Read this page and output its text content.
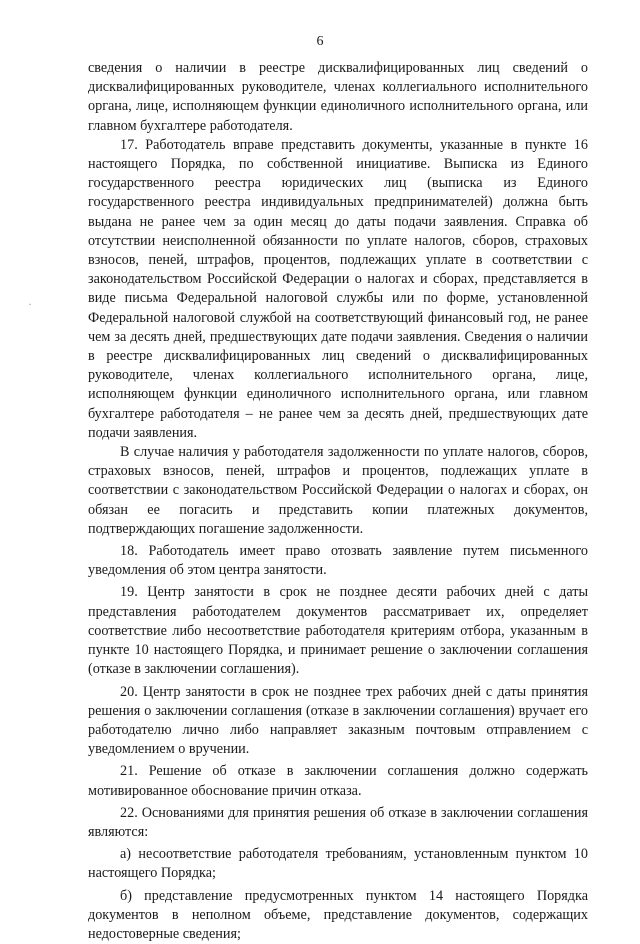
6
·

сведения о наличии в реестре дисквалифицированных лиц сведений о дисквалифицированных руководителе, членах коллегиального исполнительного органа, лице, исполняющем функции единоличного исполнительного органа, или главном бухгалтере работодателя.

17. Работодатель вправе представить документы, указанные в пункте 16 настоящего Порядка, по собственной инициативе. Выписка из Единого государственного реестра юридических лиц (выписка из Единого государственного реестра индивидуальных предпринимателей) должна быть выдана не ранее чем за один месяц до даты подачи заявления. Справка об отсутствии неисполненной обязанности по уплате налогов, сборов, страховых взносов, пеней, штрафов, процентов, подлежащих уплате в соответствии с законодательством Российской Федерации о налогах и сборах, представляется в виде письма Федеральной налоговой службы или по форме, установленной Федеральной налоговой службой на соответствующий финансовый год, не ранее чем за десять дней, предшествующих дате подачи заявления. Сведения о наличии в реестре дисквалифицированных лиц сведений о дисквалифицированных руководителе, членах коллегиального исполнительного органа, лице, исполняющем функции единоличного исполнительного органа, или главном бухгалтере работодателя – не ранее чем за десять дней, предшествующих дате подачи заявления.

В случае наличия у работодателя задолженности по уплате налогов, сборов, страховых взносов, пеней, штрафов и процентов, подлежащих уплате в соответствии с законодательством Российской Федерации о налогах и сборах, он обязан ее погасить и представить копии платежных документов, подтверждающих погашение задолженности.

18. Работодатель имеет право отозвать заявление путем письменного уведомления об этом центра занятости.

19. Центр занятости в срок не позднее десяти рабочих дней с даты представления работодателем документов рассматривает их, определяет соответствие либо несоответствие работодателя критериям отбора, указанным в пункте 10 настоящего Порядка, и принимает решение о заключении соглашения (отказе в заключении соглашения).

20. Центр занятости в срок не позднее трех рабочих дней с даты принятия решения о заключении соглашения (отказе в заключении соглашения) вручает его работодателю лично либо направляет заказным почтовым отправлением с уведомлением о вручении.

21. Решение об отказе в заключении соглашения должно содержать мотивированное обоснование причин отказа.

22. Основаниями для принятия решения об отказе в заключении соглашения являются:

а) несоответствие работодателя требованиям, установленным пунктом 10 настоящего Порядка;

б) представление предусмотренных пунктом 14 настоящего Порядка документов в неполном объеме, представление документов, содержащих недостоверные сведения;
